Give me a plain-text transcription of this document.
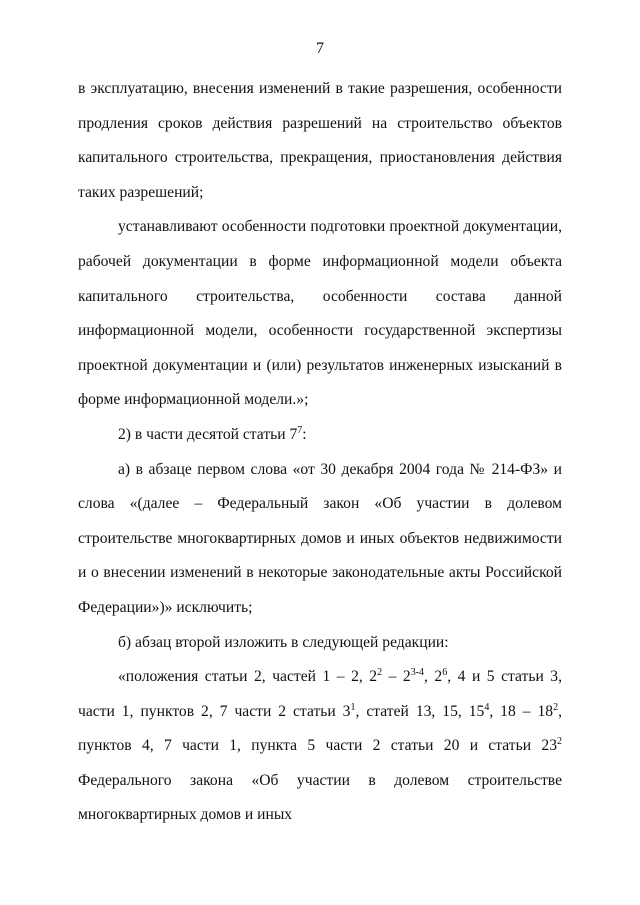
7

в эксплуатацию, внесения изменений в такие разрешения, особенности продления сроков действия разрешений на строительство объектов капитального строительства, прекращения, приостановления действия таких разрешений;

устанавливают особенности подготовки проектной документации, рабочей документации в форме информационной модели объекта капитального строительства, особенности состава данной информационной модели, особенности государственной экспертизы проектной документации и (или) результатов инженерных изысканий в форме информационной модели.»;

2) в части десятой статьи $7^7$:

а) в абзаце первом слова «от 30 декабря 2004 года № 214-ФЗ» и слова «(далее – Федеральный закон «Об участии в долевом строительстве многоквартирных домов и иных объектов недвижимости и о внесении изменений в некоторые законодательные акты Российской Федерации»)» исключить;

б) абзац второй изложить в следующей редакции:

«положения статьи 2, частей 1 – 2, $2^2 - 2^{3-4}$, $2^6$, 4 и 5 статьи 3, части 1, пунктов 2, 7 части 2 статьи $3^1$, статей 13, 15, $15^4$, $18 - 18^2$, пунктов 4, 7 части 1, пункта 5 части 2 статьи 20 и статьи $23^2$ Федерального закона «Об участии в долевом строительстве многоквартирных домов и иных
